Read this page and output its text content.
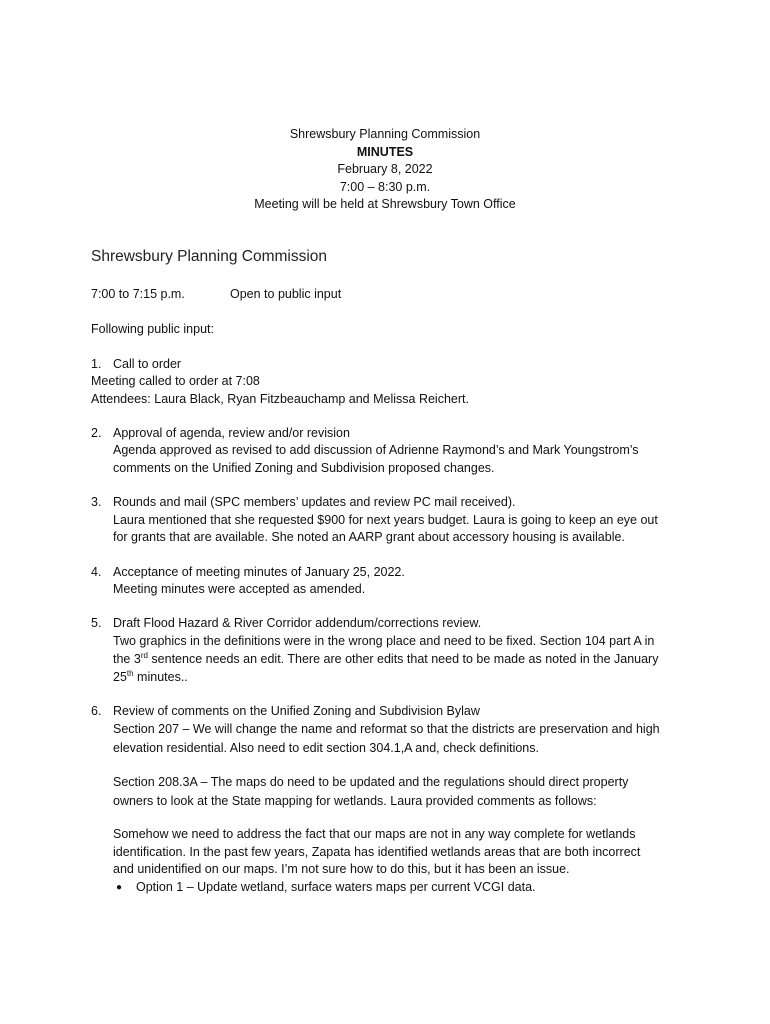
Shrewsbury Planning Commission
MINUTES
February 8, 2022
7:00 – 8:30 p.m.
Meeting will be held at Shrewsbury Town Office
Shrewsbury Planning Commission
7:00 to 7:15 p.m.	Open to public input
Following public input:
1. Call to order
Meeting called to order at 7:08
Attendees: Laura Black, Ryan Fitzbeauchamp and Melissa Reichert.
2. Approval of agenda, review and/or revision
Agenda approved as revised to add discussion of Adrienne Raymond’s and Mark Youngstrom’s
comments on the Unified Zoning and Subdivision proposed changes.
3. Rounds and mail (SPC members’ updates and review PC mail received).
Laura mentioned that she requested $900 for next years budget. Laura is going to keep an eye out
for grants that are available. She noted an AARP grant about accessory housing is available.
4. Acceptance of meeting minutes of January 25, 2022.
Meeting minutes were accepted as amended.
5. Draft Flood Hazard & River Corridor addendum/corrections review.
Two graphics in the definitions were in the wrong place and need to be fixed. Section 104 part A in
the 3rd sentence needs an edit. There are other edits that need to be made as noted in the January
25th minutes..
6. Review of comments on the Unified Zoning and Subdivision Bylaw
Section 207 – We will change the name and reformat so that the districts are preservation and high
elevation residential. Also need to edit section 304.1,A and, check definitions.
Section 208.3A – The maps do need to be updated and the regulations should direct property
owners to look at the State mapping for wetlands. Laura provided comments as follows:
Somehow we need to address the fact that our maps are not in any way complete for wetlands
identification. In the past few years, Zapata has identified wetlands areas that are both incorrect
and unidentified on our maps. I’m not sure how to do this, but it has been an issue.
● Option 1 – Update wetland, surface waters maps per current VCGI data.
